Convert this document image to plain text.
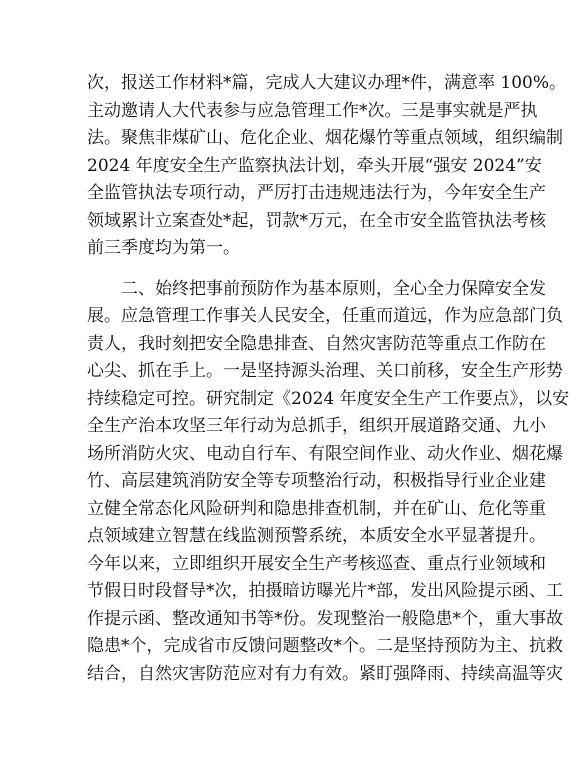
次，报送工作材料*篇，完成人大建议办理*件，满意率 100%。
主动邀请人大代表参与应急管理工作*次。三是事实就是严执
法。聚焦非煤矿山、危化企业、烟花爆竹等重点领域，组织编制
2024 年度安全生产监察执法计划，牵头开展“强安 2024”安
全监管执法专项行动，严厉打击违规违法行为，今年安全生产
领域累计立案查处*起，罚款*万元，在全市安全监管执法考核
前三季度均为第一。

　　二、始终把事前预防作为基本原则，全心全力保障安全发
展。应急管理工作事关人民安全，任重而道远，作为应急部门负
责人，我时刻把安全隐患排查、自然灾害防范等重点工作防在
心尖、抓在手上。一是坚持源头治理、关口前移，安全生产形势
持续稳定可控。研究制定《2024 年度安全生产工作要点》，以安
全生产治本攻坚三年行动为总抓手，组织开展道路交通、九小
场所消防火灾、电动自行车、有限空间作业、动火作业、烟花爆
竹、高层建筑消防安全等专项整治行动，积极指导行业企业建
立健全常态化风险研判和隐患排查机制，并在矿山、危化等重
点领域建立智慧在线监测预警系统，本质安全水平显著提升。
今年以来，立即组织开展安全生产考核巡查、重点行业领域和
节假日时段督导*次，拍摄暗访曝光片*部，发出风险提示函、工
作提示函、整改通知书等*份。发现整治一般隐患*个，重大事故
隐患*个，完成省市反馈问题整改*个。二是坚持预防为主、抗救
结合，自然灾害防范应对有力有效。紧盯强降雨、持续高温等灾
